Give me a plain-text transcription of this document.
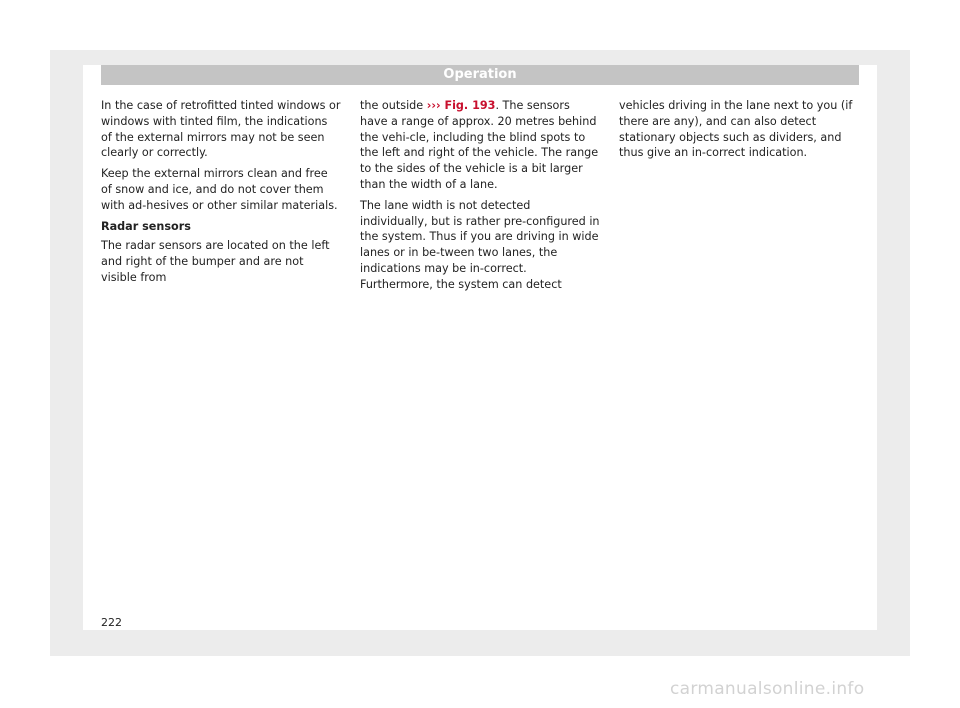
Operation

In the case of retrofitted tinted windows or windows with tinted film, the indications of the external mirrors may not be seen clearly or correctly.

Keep the external mirrors clean and free of snow and ice, and do not cover them with ad-hesives or other similar materials.

Radar sensors

The radar sensors are located on the left and right of the bumper and are not visible from

the outside ››› Fig. 193. The sensors have a range of approx. 20 metres behind the vehi-cle, including the blind spots to the left and right of the vehicle. The range to the sides of the vehicle is a bit larger than the width of a lane.

The lane width is not detected individually, but is rather pre-configured in the system. Thus if you are driving in wide lanes or in be-tween two lanes, the indications may be in-correct. Furthermore, the system can detect

vehicles driving in the lane next to you (if there are any), and can also detect stationary objects such as dividers, and thus give an in-correct indication.

222
carmanualsonline.info
